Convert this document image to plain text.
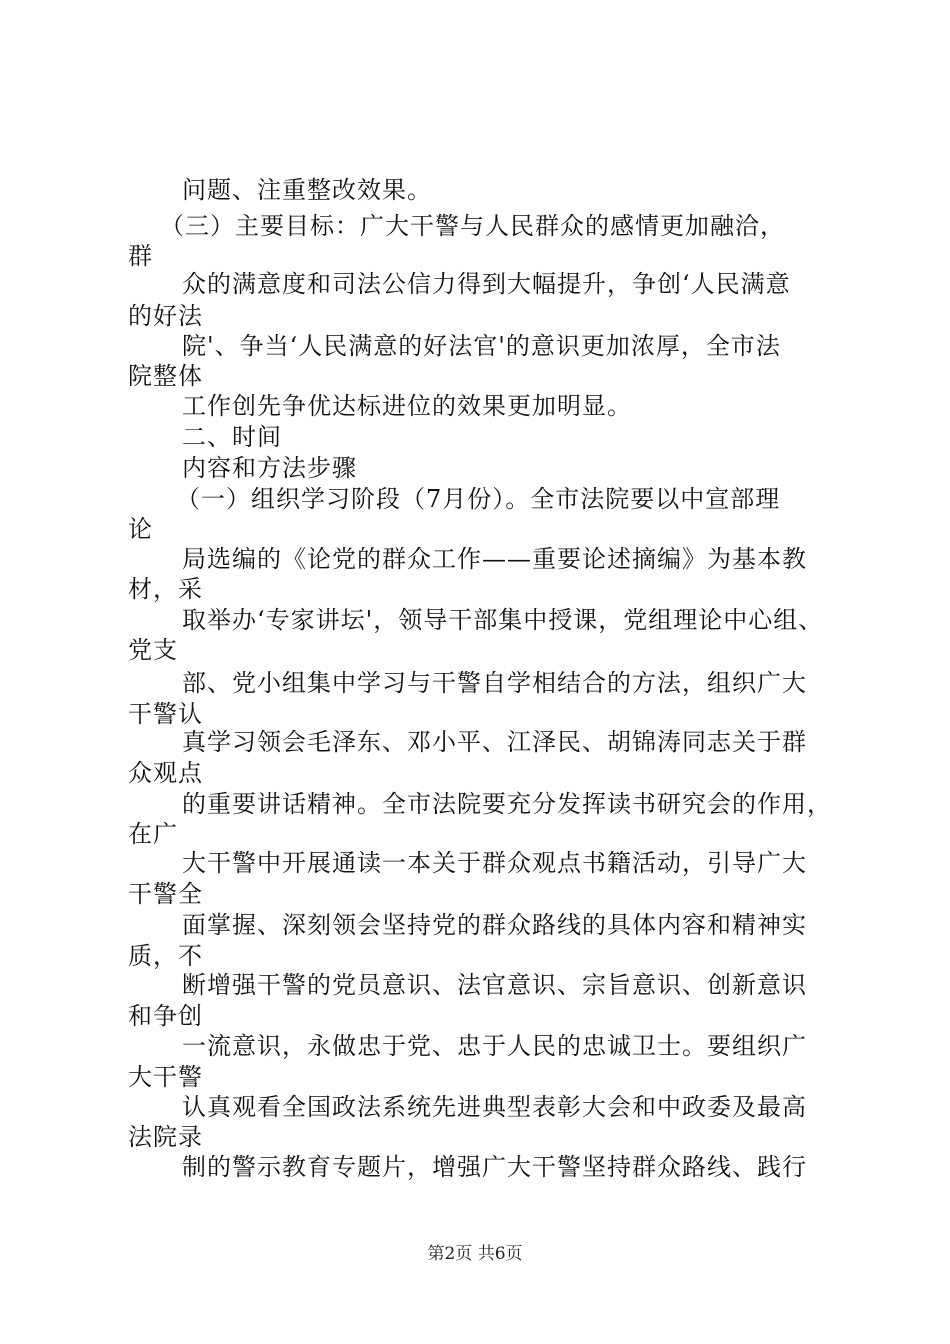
问题、注重整改效果。
（三）主要目标：广大干警与人民群众的感情更加融洽，
群
众的满意度和司法公信力得到大幅提升，争创‘人民满意
的好法
院'、争当‘人民满意的好法官'的意识更加浓厚，全市法
院整体
工作创先争优达标进位的效果更加明显。
二、时间
内容和方法步骤
（一）组织学习阶段（7月份）。全市法院要以中宣部理
论
局选编的《论党的群众工作——重要论述摘编》为基本教
材，采
取举办‘专家讲坛'，领导干部集中授课，党组理论中心组、
党支
部、党小组集中学习与干警自学相结合的方法，组织广大
干警认
真学习领会毛泽东、邓小平、江泽民、胡锦涛同志关于群
众观点
的重要讲话精神。全市法院要充分发挥读书研究会的作用，
在广
大干警中开展通读一本关于群众观点书籍活动，引导广大
干警全
面掌握、深刻领会坚持党的群众路线的具体内容和精神实
质，不
断增强干警的党员意识、法官意识、宗旨意识、创新意识
和争创
一流意识，永做忠于党、忠于人民的忠诚卫士。要组织广
大干警
认真观看全国政法系统先进典型表彰大会和中政委及最高
法院录
制的警示教育专题片，增强广大干警坚持群众路线、践行
第2页 共6页
